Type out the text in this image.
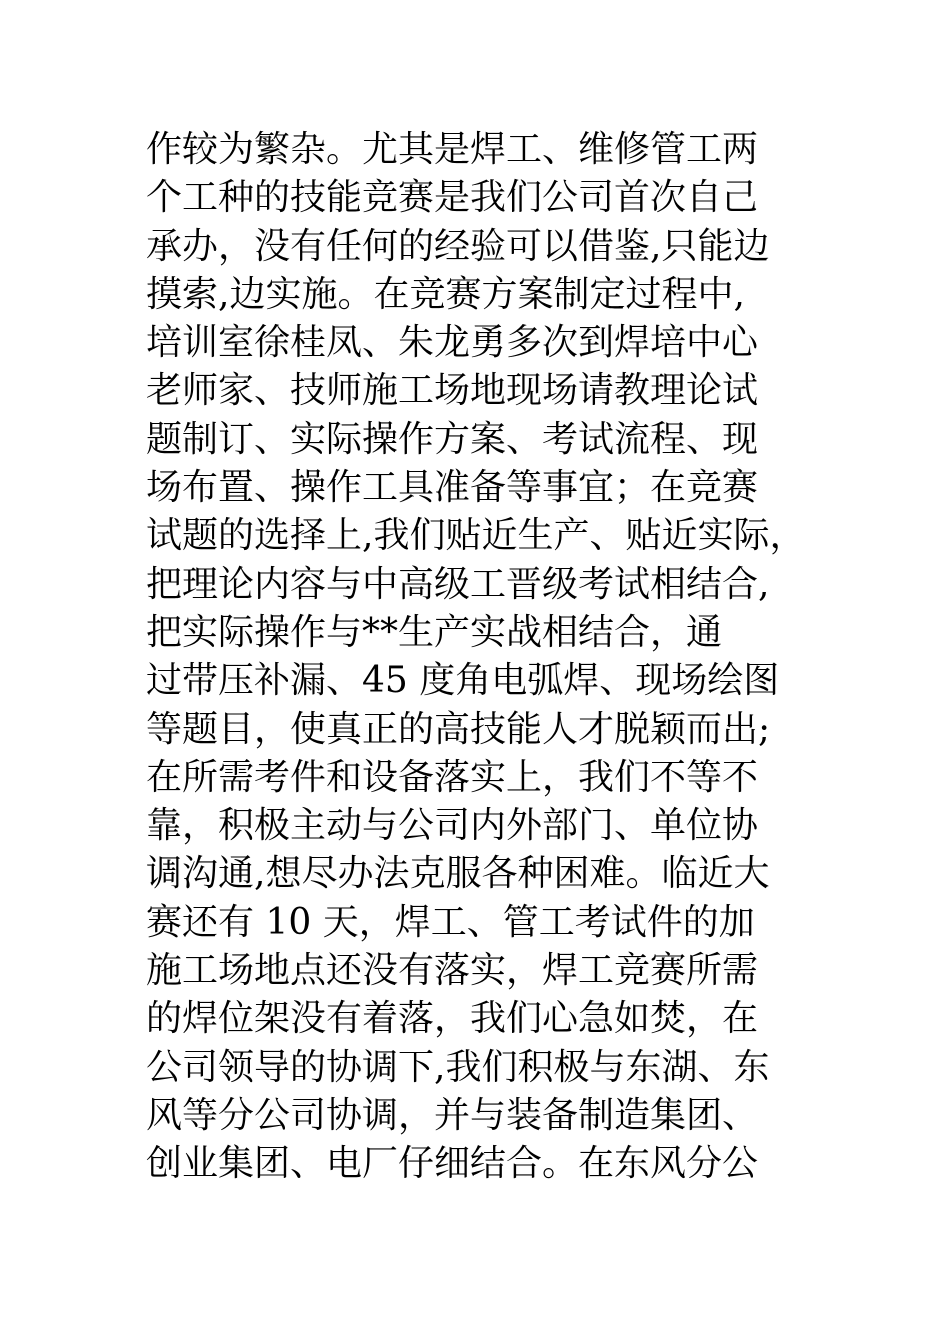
作较为繁杂。尤其是焊工、维修管工两
个工种的技能竞赛是我们公司首次自己
承办，没有任何的经验可以借鉴,只能边
摸索,边实施。在竞赛方案制定过程中,
培训室徐桂凤、朱龙勇多次到焊培中心
老师家、技师施工场地现场请教理论试
题制订、实际操作方案、考试流程、现
场布置、操作工具准备等事宜；在竞赛
试题的选择上,我们贴近生产、贴近实际，
把理论内容与中高级工晋级考试相结合,
把实际操作与**生产实战相结合，通
过带压补漏、45 度角电弧焊、现场绘图
等题目，使真正的高技能人才脱颖而出;
在所需考件和设备落实上，我们不等不
靠，积极主动与公司内外部门、单位协
调沟通,想尽办法克服各种困难。临近大
赛还有 10 天，焊工、管工考试件的加
施工场地点还没有落实，焊工竞赛所需
的焊位架没有着落，我们心急如焚，在
公司领导的协调下,我们积极与东湖、东
风等分公司协调，并与装备制造集团、
创业集团、电厂仔细结合。在东风分公
